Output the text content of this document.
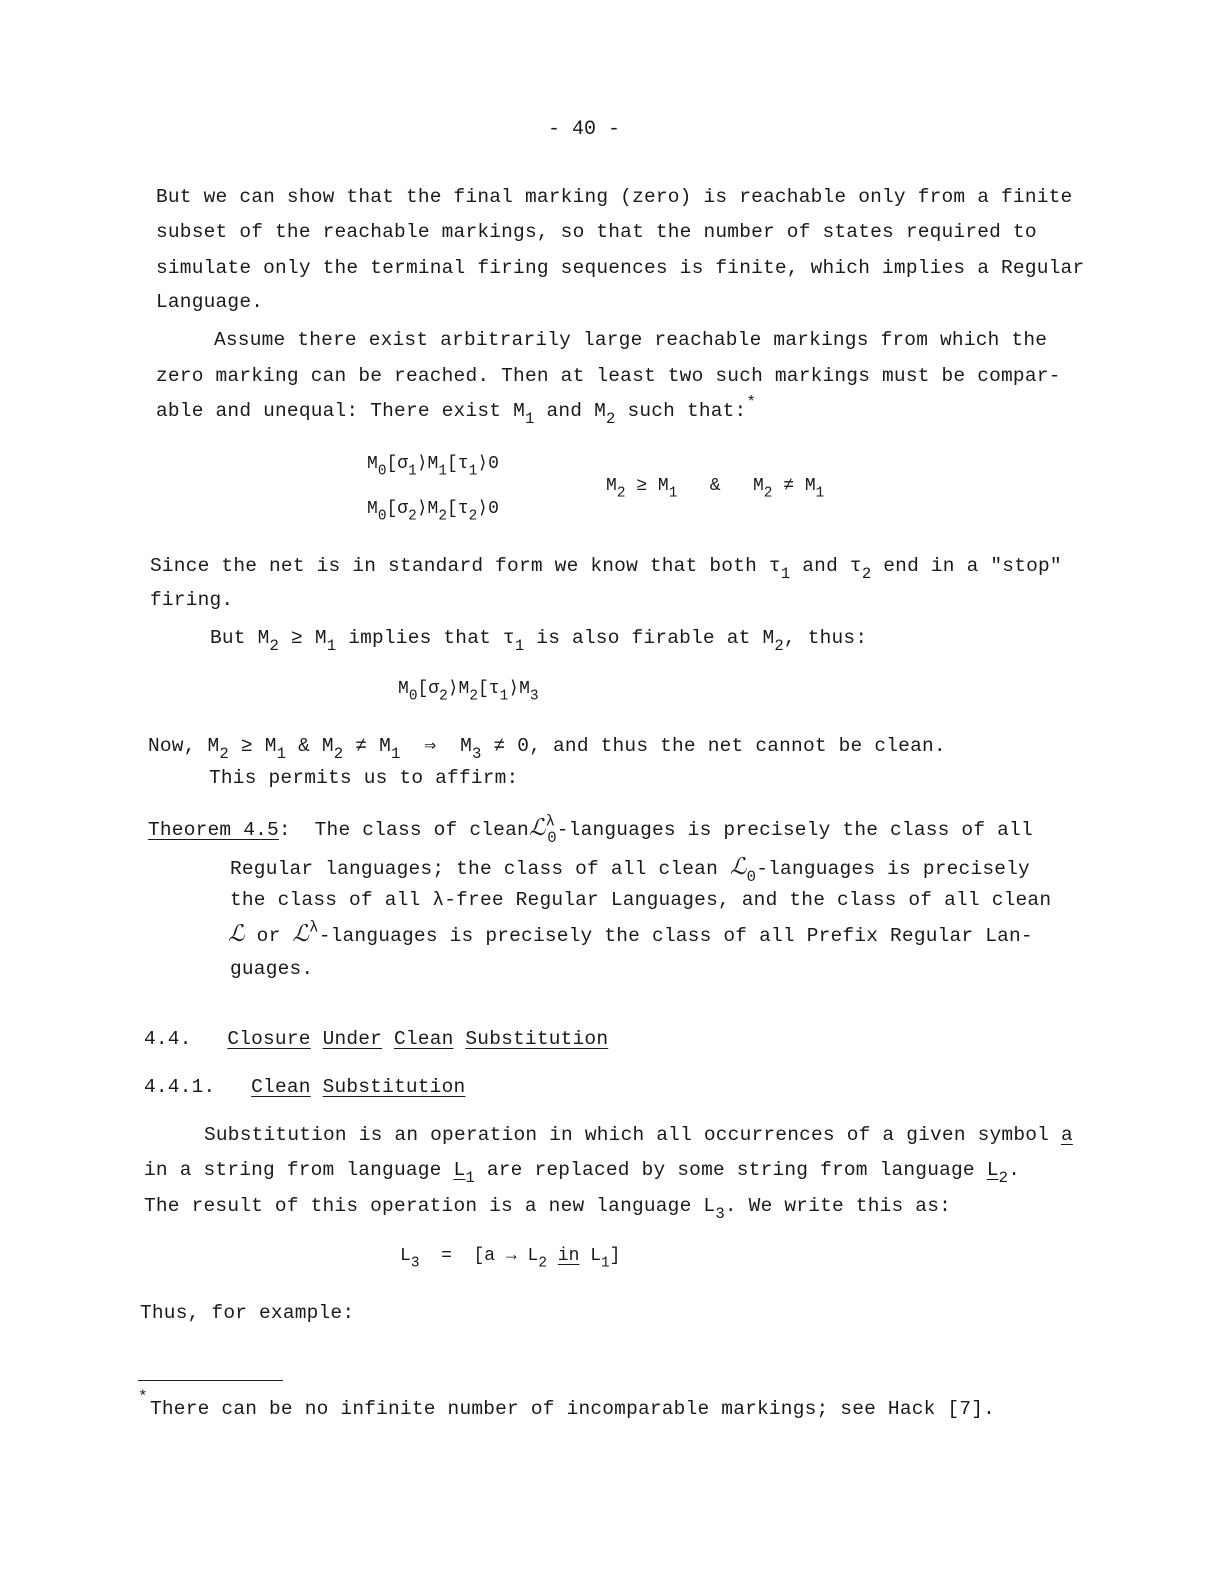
- 40 -
But we can show that the final marking (zero) is reachable only from a finite
subset of the reachable markings, so that the number of states required to
simulate only the terminal firing sequences is finite, which implies a Regular
Language.
Assume there exist arbitrarily large reachable markings from which the
zero marking can be reached. Then at least two such markings must be compar-
able and unequal: There exist $M_1$ and $M_2$ such that:*
$M_0[\sigma_1⟩M_1[\tau_1⟩0$
$M_0[\sigma_2⟩M_2[\tau_2⟩0$
$M_2 \ge M_1$ & $M_2 \ne M_1$
Since the net is in standard form we know that both $\tau_1$ and $\tau_2$ end in a "stop"
firing.
But $M_2 \ge M_1$ implies that $\tau_1$ is also firable at $M_2$, thus:
$M_0[\sigma_2⟩M_2[\tau_1⟩M_3$
Now, $M_2 \ge M_1$ & $M_2 \ne M_1$ ⇒ $M_3 \ne 0$, and thus the net cannot be clean.
This permits us to affirm:
Theorem 4.5: The class of cleanℒ$^\lambda_0$-languages is precisely the class of all
Regular languages; the class of all clean ℒ$_0$-languages is precisely
the class of all λ-free Regular Languages, and the class of all clean
ℒ or ℒ$^\lambda$-languages is precisely the class of all Prefix Regular Lan-
guages.
4.4. Closure Under Clean Substitution
4.4.1. Clean Substitution
Substitution is an operation in which all occurrences of a given symbol a
in a string from language $L_1$ are replaced by some string from language $L_2$.
The result of this operation is a new language $L_3$. We write this as:
$L_3 = [a \to L_2$ in $L_1$]
Thus, for example:
*
There can be no infinite number of incomparable markings; see Hack [7].
